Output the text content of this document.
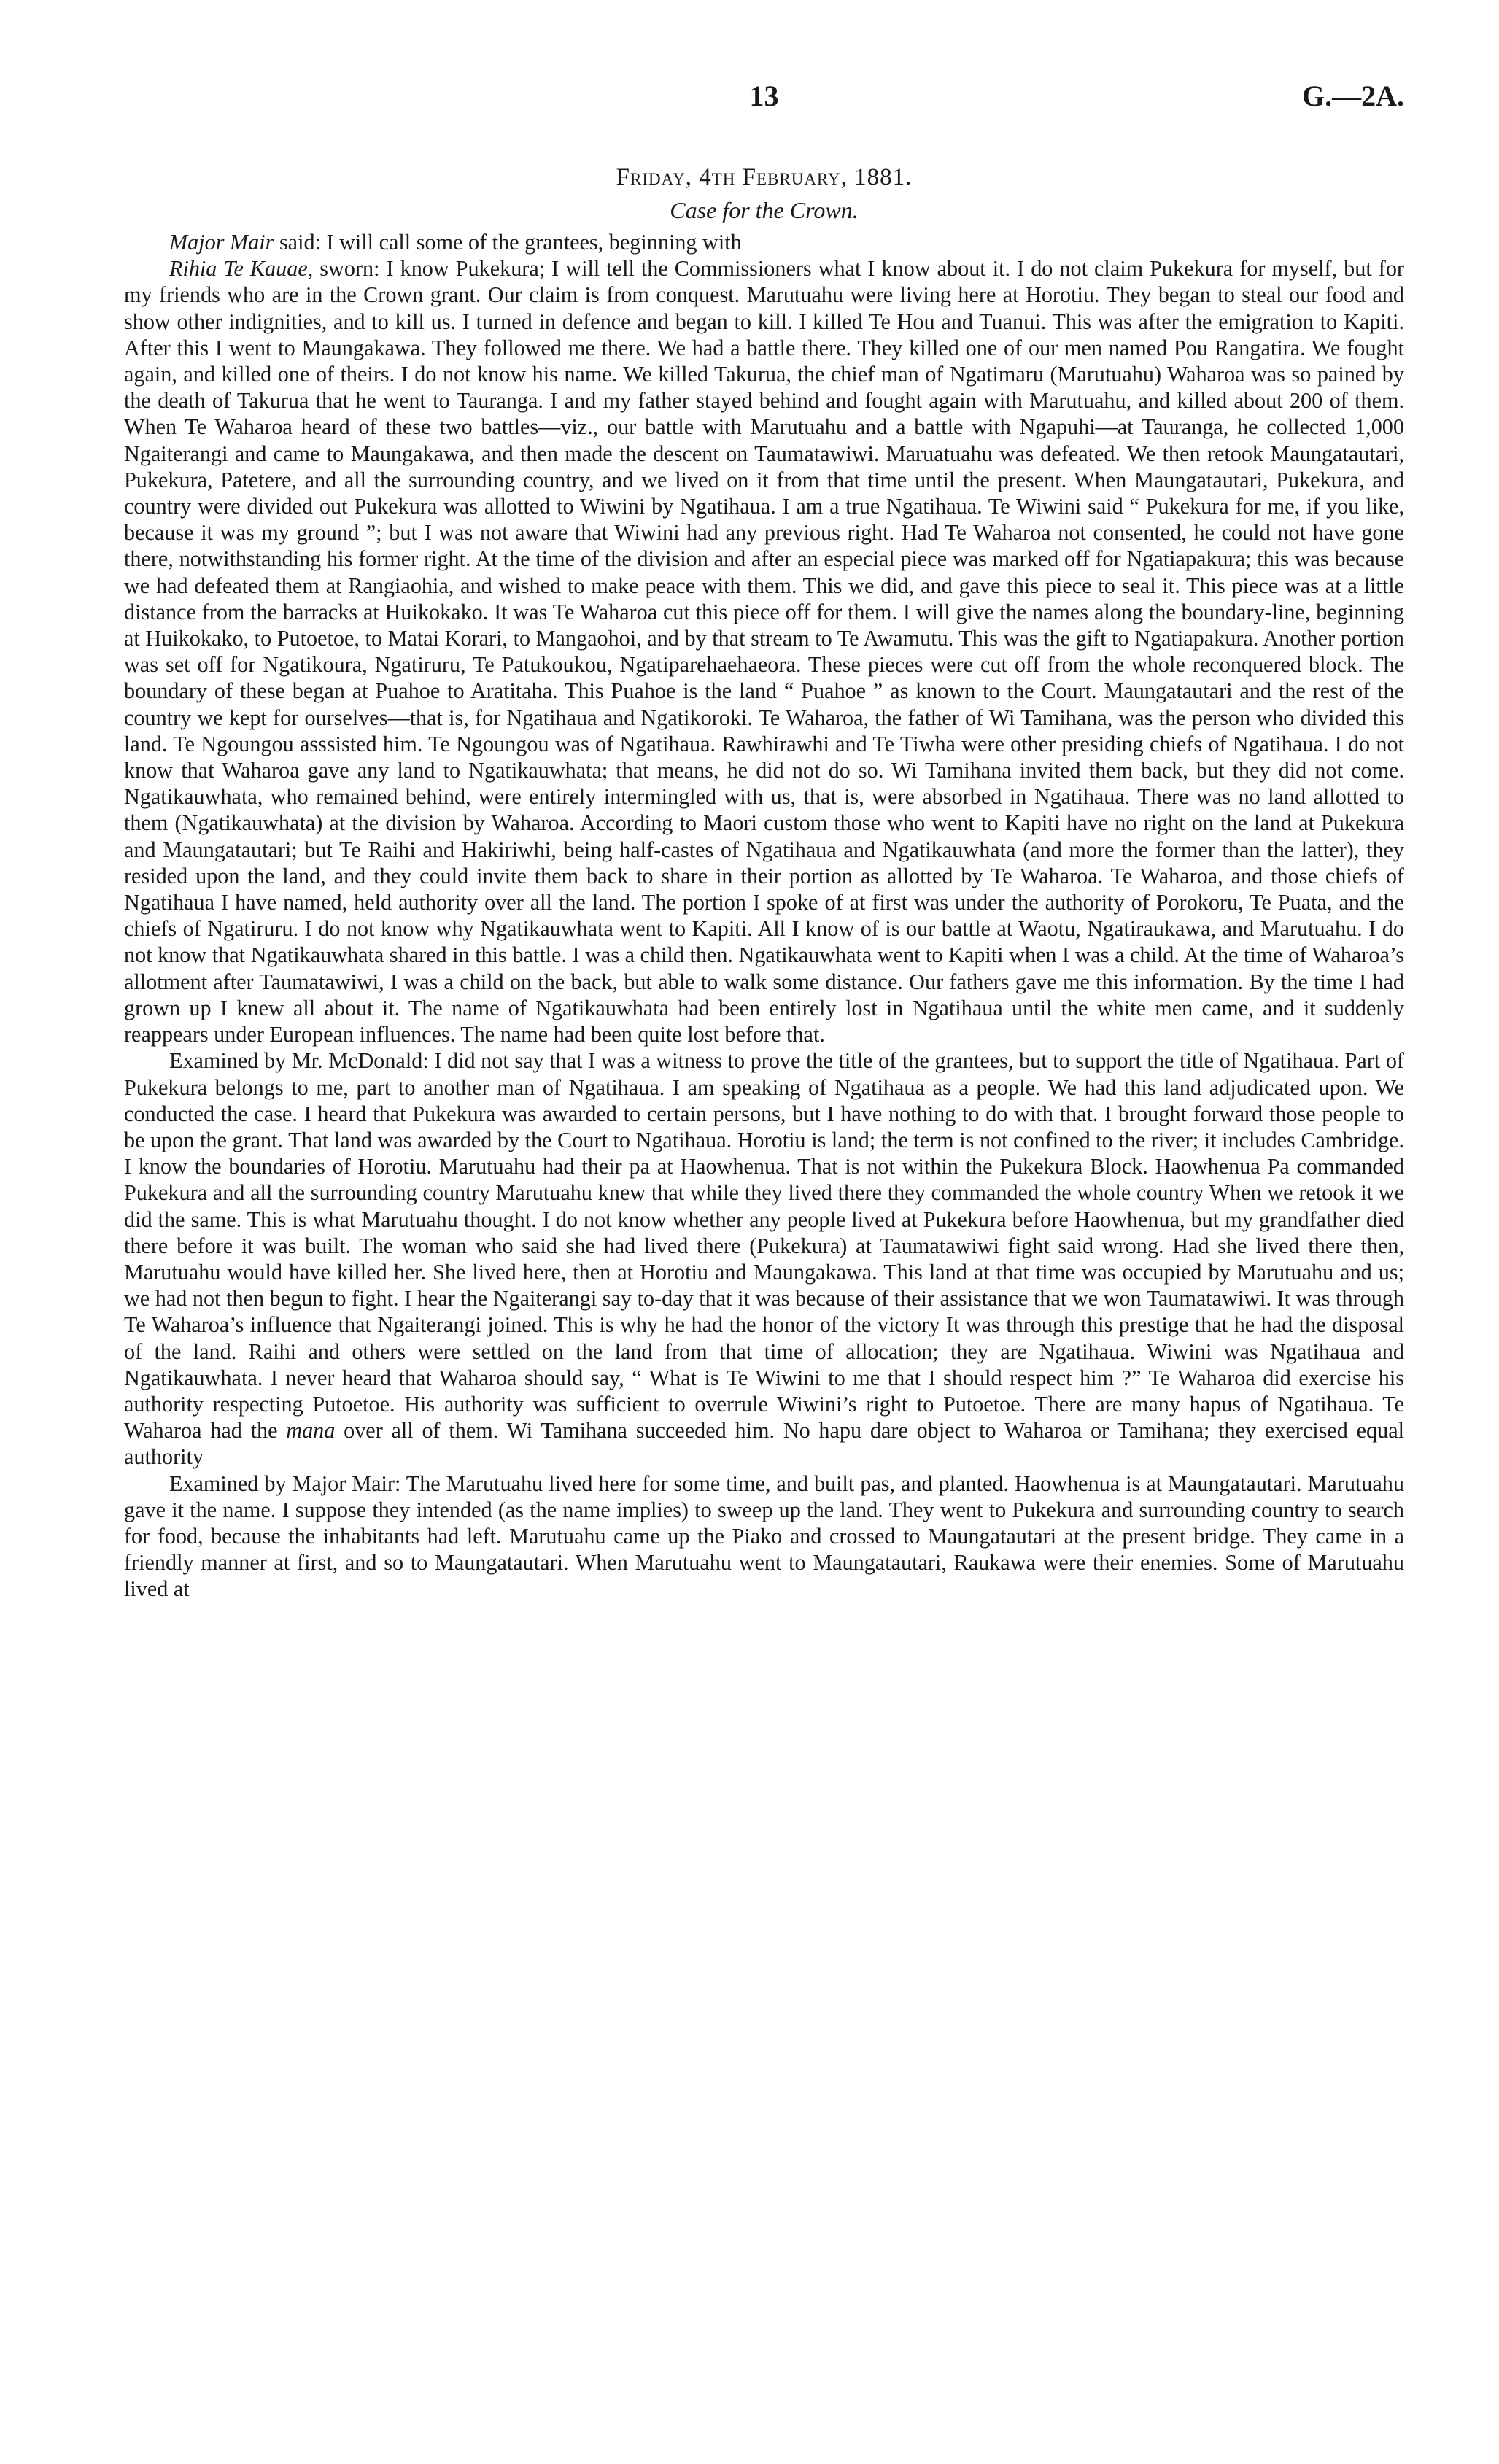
13	G.—2A.
Friday, 4th February, 1881.
Case for the Crown.

Major Mair said: I will call some of the grantees, beginning with

Rihia Te Kauae, sworn: I know Pukekura; I will tell the Commissioners what I know about it. I do not claim Pukekura for myself, but for my friends who are in the Crown grant. Our claim is from conquest. Marutuahu were living here at Horotiu. They began to steal our food and show other indignities, and to kill us. I turned in defence and began to kill. I killed Te Hou and Tuanui. This was after the emigration to Kapiti. After this I went to Maungakawa. They followed me there. We had a battle there. They killed one of our men named Pou Rangatira. We fought again, and killed one of theirs. I do not know his name. We killed Takurua, the chief man of Ngatimaru (Marutuahu) Waharoa was so pained by the death of Takurua that he went to Tauranga. I and my father stayed behind and fought again with Marutuahu, and killed about 200 of them. When Te Waharoa heard of these two battles—viz., our battle with Marutuahu and a battle with Ngapuhi—at Tauranga, he collected 1,000 Ngaiterangi and came to Maungakawa, and then made the descent on Taumatawiwi. Maruatuahu was defeated. We then retook Maungatautari, Pukekura, Patetere, and all the surrounding country, and we lived on it from that time until the present. When Maungatautari, Pukekura, and country were divided out Pukekura was allotted to Wiwini by Ngatihaua. I am a true Ngatihaua. Te Wiwini said “ Pukekura for me, if you like, because it was my ground ”; but I was not aware that Wiwini had any previous right. Had Te Waharoa not consented, he could not have gone there, notwithstanding his former right. At the time of the division and after an especial piece was marked off for Ngatiapakura; this was because we had defeated them at Rangiaohia, and wished to make peace with them. This we did, and gave this piece to seal it. This piece was at a little distance from the barracks at Huikokako. It was Te Waharoa cut this piece off for them. I will give the names along the boundary-line, beginning at Huikokako, to Putoetoe, to Matai Korari, to Mangaohoi, and by that stream to Te Awamutu. This was the gift to Ngatiapakura. Another portion was set off for Ngatikoura, Ngatiruru, Te Patukoukou, Ngatiparehaehaeora. These pieces were cut off from the whole reconquered block. The boundary of these began at Puahoe to Aratitaha. This Puahoe is the land “ Puahoe ” as known to the Court. Maungatautari and the rest of the country we kept for ourselves—that is, for Ngatihaua and Ngatikoroki. Te Waharoa, the father of Wi Tamihana, was the person who divided this land. Te Ngoungou asssisted him. Te Ngoungou was of Ngatihaua. Rawhirawhi and Te Tiwha were other presiding chiefs of Ngatihaua. I do not know that Waharoa gave any land to Ngatikauwhata; that means, he did not do so. Wi Tamihana invited them back, but they did not come. Ngatikauwhata, who remained behind, were entirely intermingled with us, that is, were absorbed in Ngatihaua. There was no land allotted to them (Ngatikauwhata) at the division by Waharoa. According to Maori custom those who went to Kapiti have no right on the land at Pukekura and Maungatautari; but Te Raihi and Hakiriwhi, being half-castes of Ngatihaua and Ngatikauwhata (and more the former than the latter), they resided upon the land, and they could invite them back to share in their portion as allotted by Te Waharoa. Te Waharoa, and those chiefs of Ngatihaua I have named, held authority over all the land. The portion I spoke of at first was under the authority of Porokoru, Te Puata, and the chiefs of Ngatiruru. I do not know why Ngatikauwhata went to Kapiti. All I know of is our battle at Waotu, Ngatiraukawa, and Marutuahu. I do not know that Ngatikauwhata shared in this battle. I was a child then. Ngatikauwhata went to Kapiti when I was a child. At the time of Waharoa’s allotment after Taumatawiwi, I was a child on the back, but able to walk some distance. Our fathers gave me this information. By the time I had grown up I knew all about it. The name of Ngatikauwhata had been entirely lost in Ngatihaua until the white men came, and it suddenly reappears under European influences. The name had been quite lost before that.

Examined by Mr. McDonald: I did not say that I was a witness to prove the title of the grantees, but to support the title of Ngatihaua. Part of Pukekura belongs to me, part to another man of Ngatihaua. I am speaking of Ngatihaua as a people. We had this land adjudicated upon. We conducted the case. I heard that Pukekura was awarded to certain persons, but I have nothing to do with that. I brought forward those people to be upon the grant. That land was awarded by the Court to Ngatihaua. Horotiu is land; the term is not confined to the river; it includes Cambridge. I know the boundaries of Horotiu. Marutuahu had their pa at Haowhenua. That is not within the Pukekura Block. Haowhenua Pa commanded Pukekura and all the surrounding country Marutuahu knew that while they lived there they commanded the whole country When we retook it we did the same. This is what Marutuahu thought. I do not know whether any people lived at Pukekura before Haowhenua, but my grandfather died there before it was built. The woman who said she had lived there (Pukekura) at Taumatawiwi fight said wrong. Had she lived there then, Marutuahu would have killed her. She lived here, then at Horotiu and Maungakawa. This land at that time was occupied by Marutuahu and us; we had not then begun to fight. I hear the Ngaiterangi say to-day that it was because of their assistance that we won Taumatawiwi. It was through Te Waharoa’s influence that Ngaiterangi joined. This is why he had the honor of the victory It was through this prestige that he had the disposal of the land. Raihi and others were settled on the land from that time of allocation; they are Ngatihaua. Wiwini was Ngatihaua and Ngatikauwhata. I never heard that Waharoa should say, “ What is Te Wiwini to me that I should respect him ?” Te Waharoa did exercise his authority respecting Putoetoe. His authority was sufficient to overrule Wiwini’s right to Putoetoe. There are many hapus of Ngatihaua. Te Waharoa had the mana over all of them. Wi Tamihana succeeded him. No hapu dare object to Waharoa or Tamihana; they exercised equal authority

Examined by Major Mair: The Marutuahu lived here for some time, and built pas, and planted. Haowhenua is at Maungatautari. Marutuahu gave it the name. I suppose they intended (as the name implies) to sweep up the land. They went to Pukekura and surrounding country to search for food, because the inhabitants had left. Marutuahu came up the Piako and crossed to Maungatautari at the present bridge. They came in a friendly manner at first, and so to Maungatautari. When Marutuahu went to Maungatautari, Raukawa were their enemies. Some of Marutuahu lived at
